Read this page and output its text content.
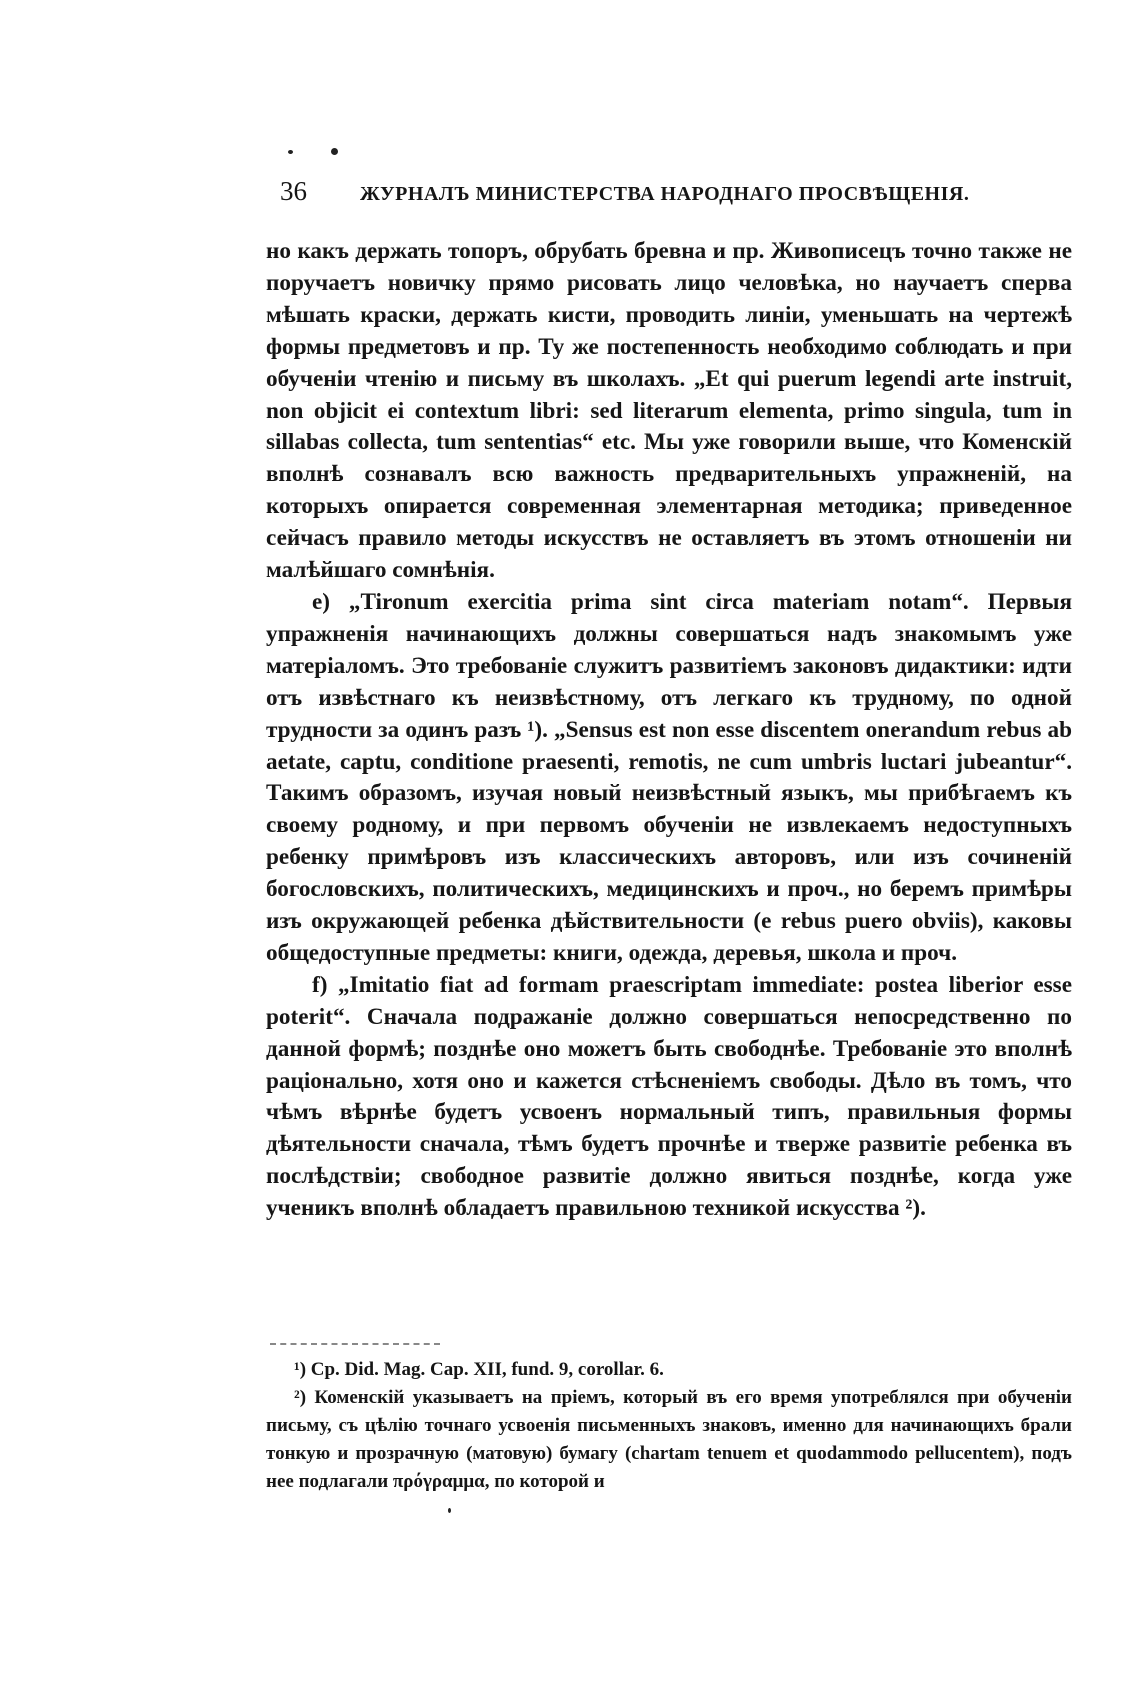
36	ЖУРНАЛЪ МИНИСТЕРСТВА НАРОДНАГО ПРОСВѢЩЕНІЯ.

но какъ держать топоръ, обрубать бревна и пр. Живописецъ точно также не поручаетъ новичку прямо рисовать лицо человѣка, но научаетъ сперва мѣшать краски, держать кисти, проводить линіи, уменьшать на чертежѣ формы предметовъ и пр. Ту же постепенность необходимо соблюдать и при обученіи чтенію и письму въ школахъ. „Et qui puerum legendi arte instruit, non objicit ei contextum libri: sed literarum elementa, primo singula, tum in sillabas collecta, tum sententias“ etc. Мы уже говорили выше, что Коменскій вполнѣ сознавалъ всю важность предварительныхъ упражненій, на которыхъ опирается современная элементарная методика; приведенное сейчасъ правило методы искусствъ не оставляетъ въ этомъ отношеніи ни малѣйшаго сомнѣнія.

e) „Tironum exercitia prima sint circa materiam notam“. Первыя упражненія начинающихъ должны совершаться надъ знакомымъ уже матеріаломъ. Это требованіе служитъ развитіемъ законовъ дидактики: идти отъ извѣстнаго къ неизвѣстному, отъ легкаго къ трудному, по одной трудности за одинъ разъ ¹). „Sensus est non esse discentem onerandum rebus ab aetate, captu, conditione praesenti, remotis, ne cum umbris luctari jubeantur“. Такимъ образомъ, изучая новый неизвѣстный языкъ, мы прибѣгаемъ къ своему родному, и при первомъ обученіи не извлекаемъ недоступныхъ ребенку примѣровъ изъ классическихъ авторовъ, или изъ сочиненій богословскихъ, политическихъ, медицинскихъ и проч., но беремъ примѣры изъ окружающей ребенка дѣйствительности (e rebus puero obviis), каковы общедоступные предметы: книги, одежда, деревья, школа и проч.

f) „Imitatio fiat ad formam praescriptam immediate: postea liberior esse poterit“. Сначала подражаніе должно совершаться непосредственно по данной формѣ; позднѣе оно можетъ быть свободнѣе. Требованіе это вполнѣ раціонально, хотя оно и кажется стѣсненіемъ свободы. Дѣло въ томъ, что чѣмъ вѣрнѣе будетъ усвоенъ нормальный типъ, правильныя формы дѣятельности сначала, тѣмъ будетъ прочнѣе и тверже развитіе ребенка въ послѣдствіи; свободное развитіе должно явиться позднѣе, когда уже ученикъ вполнѣ обладаетъ правильною техникой искусства ²).

¹) Cp. Did. Mag. Cap. XII, fund. 9, corollar. 6.

²) Коменскій указываетъ на пріемъ, который въ его время употреблялся при обученіи письму, съ цѣлію точнаго усвоенія письменныхъ знаковъ, именно для начинающихъ брали тонкую и прозрачную (матовую) бумагу (chartam tenuem et quodammodo pellucentem), подъ нее подлагали πρόγραμμα, по которой и
